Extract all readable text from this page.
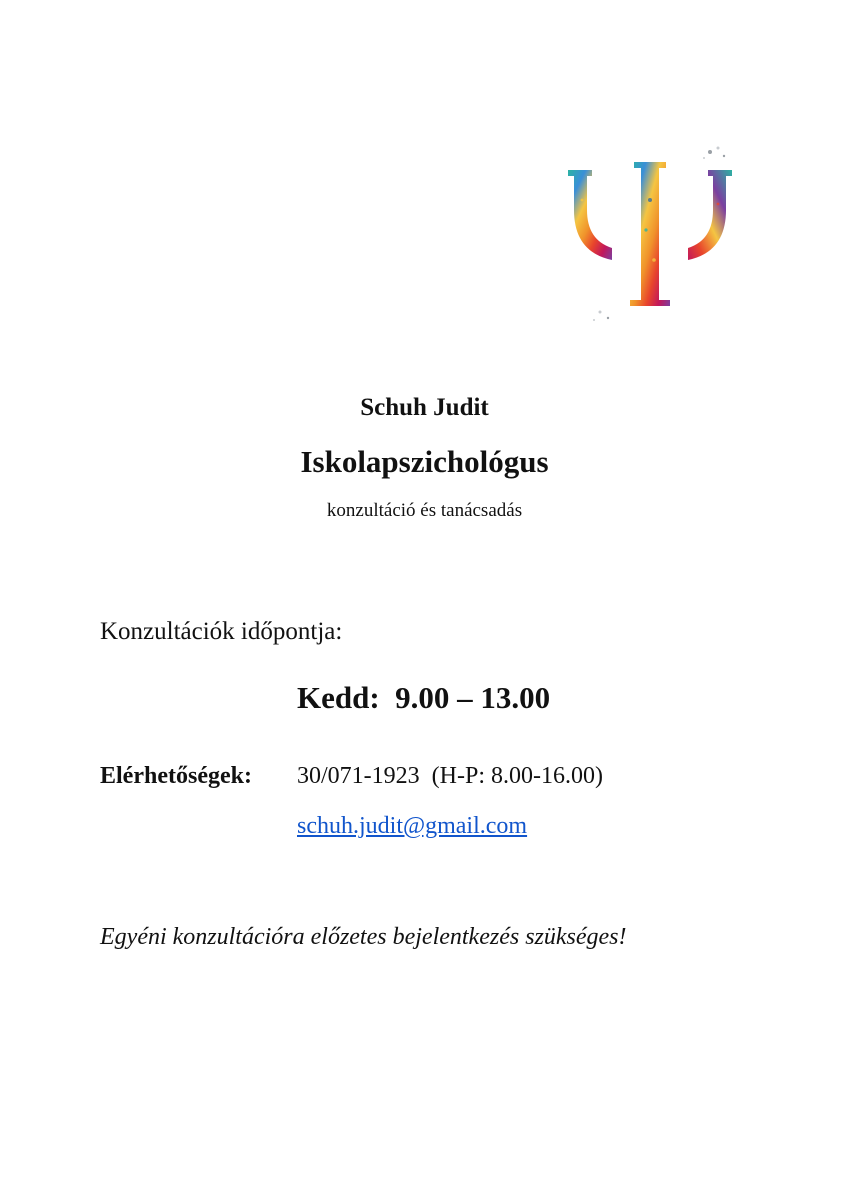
Schuh Judit
Iskolapszichológus
konzultáció és tanácsadás
Konzultációk időpontja:
Kedd:  9.00 – 13.00
Elérhetőségek: 30/071-1923  (H-P: 8.00-16.00)
schuh.judit@gmail.com
Egyéni konzultációra előzetes bejelentkezés szükséges!
